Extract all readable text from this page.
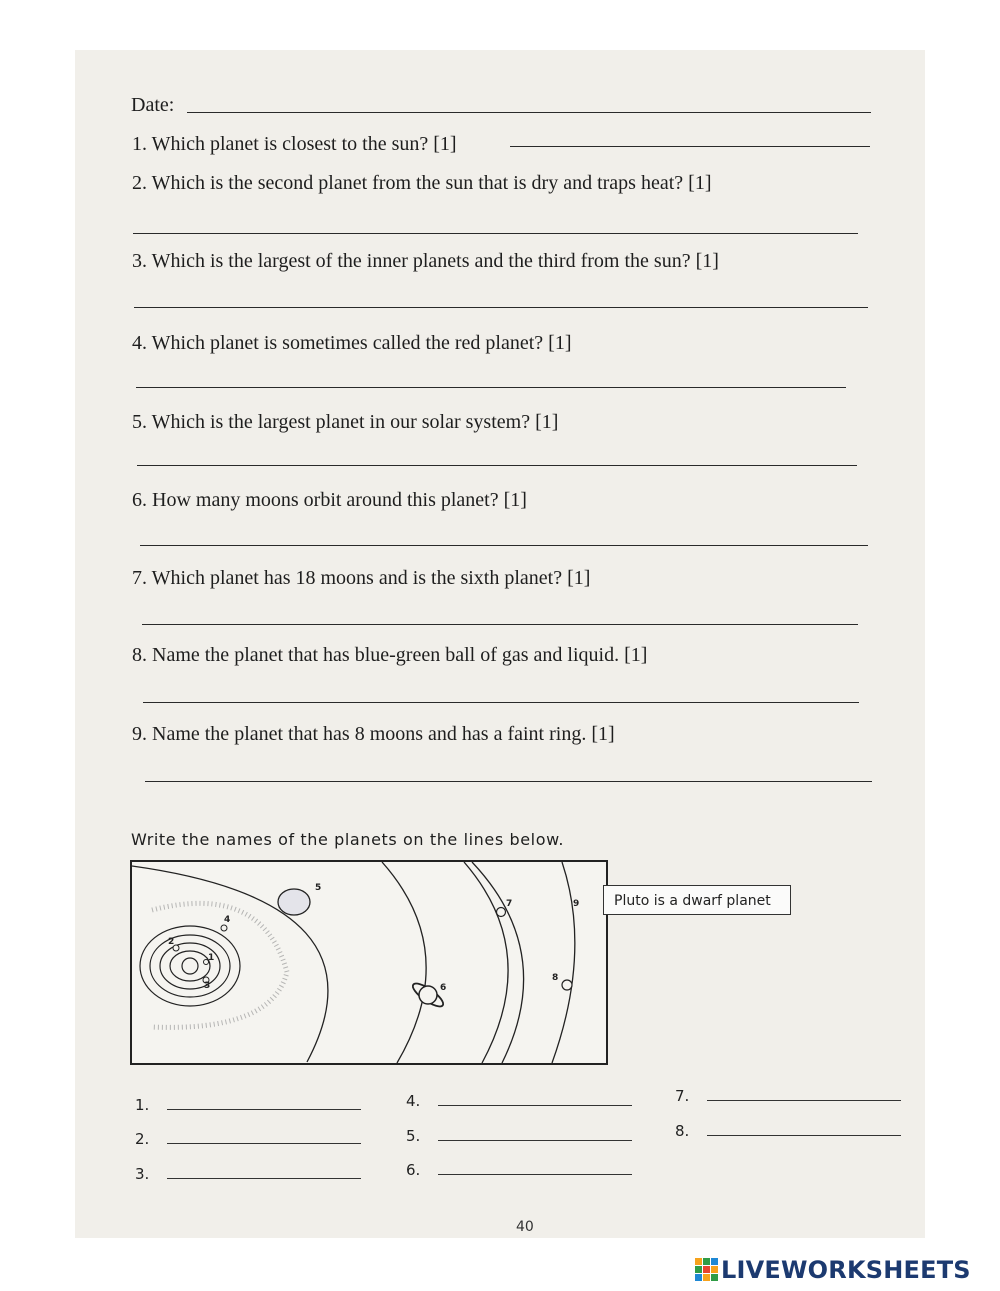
Date:
1. Which planet is closest to the sun? [1]
2. Which is the second planet from the sun that is dry and traps heat? [1]
3. Which is the largest of the inner planets and the third from the sun? [1]
4. Which planet is sometimes called the red planet? [1]
5. Which is the largest planet in our solar system? [1]
6. How many moons orbit around this planet? [1]
7. Which planet has 18 moons and is the sixth planet? [1]
8. Name the planet that has blue-green ball of gas and liquid. [1]
9. Name the planet that has 8 moons and has a faint ring. [1]
Write the names of the planets on the lines below.
5
4
2
1
3	6
7
8
9	Pluto is a dwarf planet
1.
2.
3.
4.
5.
6.
7.
8.
40
LIVEWORKSHEETS
